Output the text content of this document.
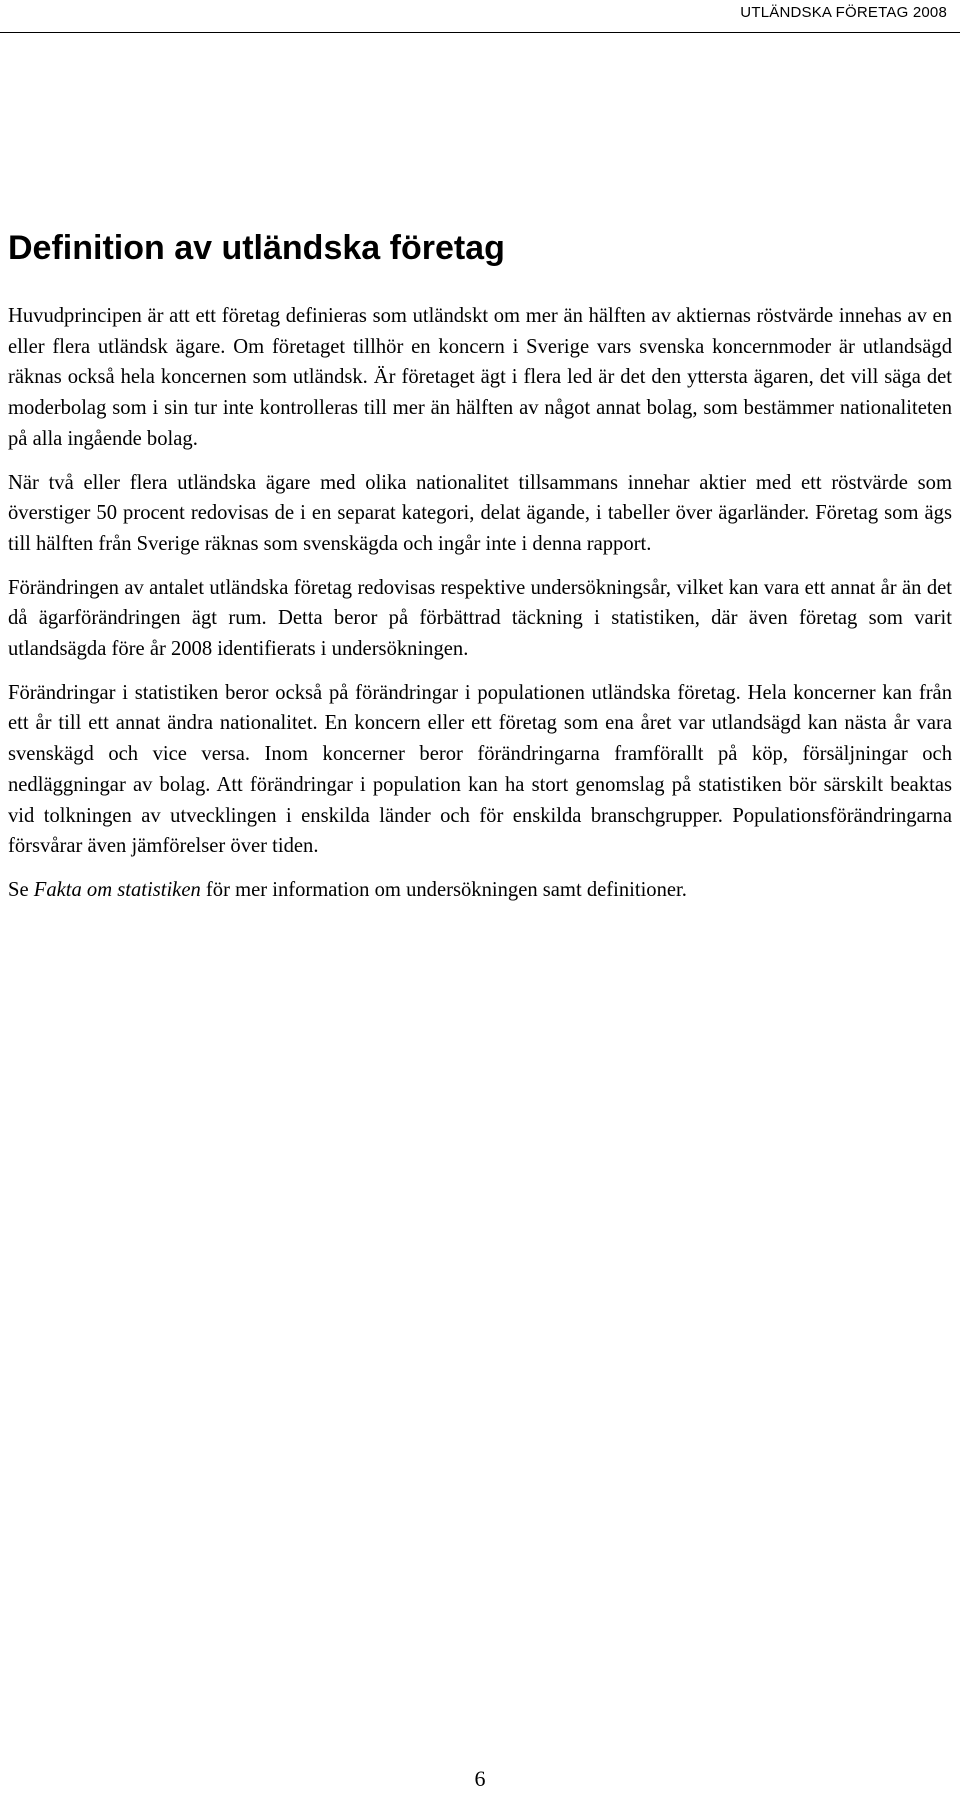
UTLÄNDSKA FÖRETAG 2008
Definition av utländska företag

Huvudprincipen är att ett företag definieras som utländskt om mer än hälften av aktiernas röstvärde innehas av en eller flera utländsk ägare. Om företaget tillhör en koncern i Sverige vars svenska koncernmoder är utlandsägd räknas också hela koncernen som utländsk. Är företaget ägt i flera led är det den yttersta ägaren, det vill säga det moderbolag som i sin tur inte kontrolleras till mer än hälften av något annat bolag, som bestämmer nationaliteten på alla ingående bolag.

När två eller flera utländska ägare med olika nationalitet tillsammans innehar aktier med ett röstvärde som överstiger 50 procent redovisas de i en separat kategori, delat ägande, i tabeller över ägarländer. Företag som ägs till hälften från Sverige räknas som svenskägda och ingår inte i denna rapport.

Förändringen av antalet utländska företag redovisas respektive undersökningsår, vilket kan vara ett annat år än det då ägarförändringen ägt rum. Detta beror på förbättrad täckning i statistiken, där även företag som varit utlandsägda före år 2008 identifierats i undersökningen.

Förändringar i statistiken beror också på förändringar i populationen utländska företag. Hela koncerner kan från ett år till ett annat ändra nationalitet. En koncern eller ett företag som ena året var utlandsägd kan nästa år vara svenskägd och vice versa. Inom koncerner beror förändringarna framförallt på köp, försäljningar och nedläggningar av bolag. Att förändringar i population kan ha stort genomslag på statistiken bör särskilt beaktas vid tolkningen av utvecklingen i enskilda länder och för enskilda branschgrupper. Populationsförändringarna försvårar även jämförelser över tiden.

Se Fakta om statistiken för mer information om undersökningen samt definitioner.

6
